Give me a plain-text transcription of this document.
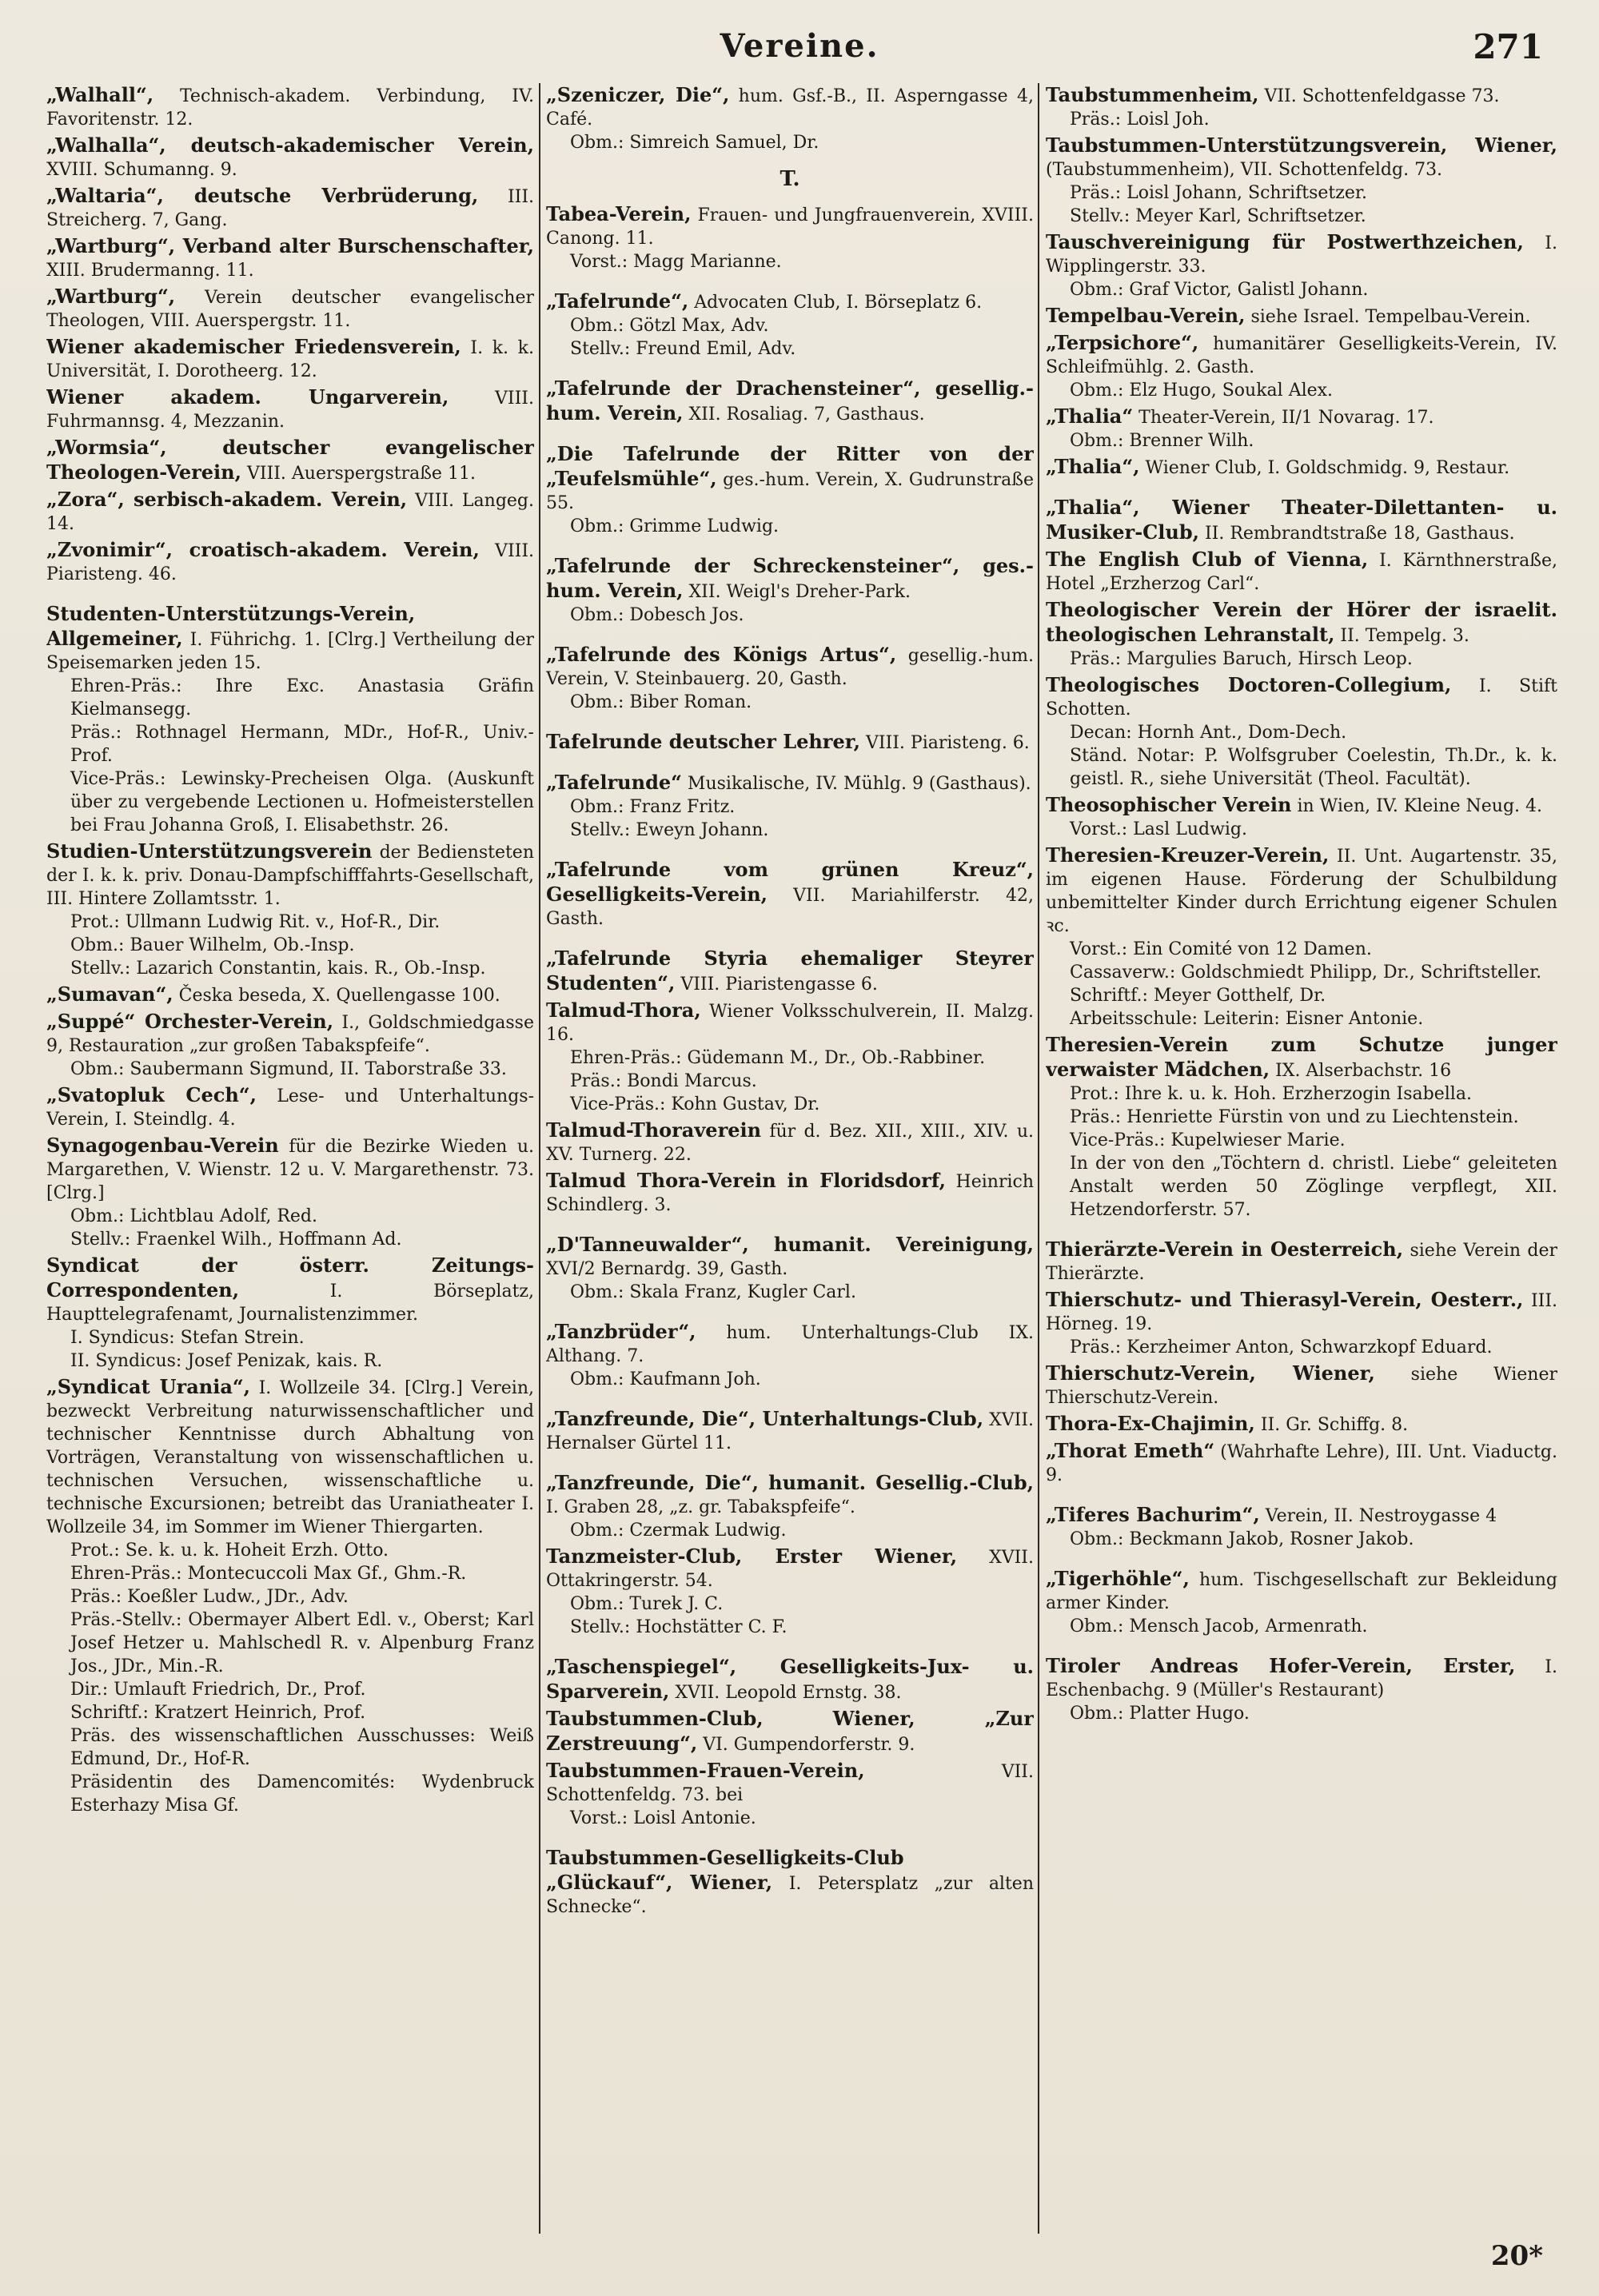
Vereine.	271
„Walhall“, Technisch-akadem. Verbindung, IV. Favoritenstr. 12.
„Walhalla“, deutsch-akademischer Verein, XVIII. Schumanng. 9.
„Waltaria“, deutsche Verbrüderung, III. Streicherg. 7, Gang.
„Wartburg“, Verband alter Burschenschafter, XIII. Brudermanng. 11.
„Wartburg“, Verein deutscher evangelischer Theologen, VIII. Auerspergstr. 11.
Wiener akademischer Friedensverein, I. k. k. Universität, I. Dorotheerg. 12.
Wiener akadem. Ungarverein, VIII. Fuhrmannsg. 4, Mezzanin.
„Wormsia“, deutscher evangelischer Theologen-Verein, VIII. Auerspergstraße 11.
„Zora“, serbisch-akadem. Verein, VIII. Langeg. 14.
„Zvonimir“, croatisch-akadem. Verein, VIII. Piaristeng. 46.
Studenten-Unterstützungs-Verein, Allgemeiner, I. Führichg. 1. [Clrg.] Vertheilung der Speisemarken jeden 15.
Ehren-Präs.: Ihre Exc. Anastasia Gräfin Kielmansegg.
Präs.: Rothnagel Hermann, MDr., Hof-R., Univ.-Prof.
Vice-Präs.: Lewinsky-Precheisen Olga. (Auskunft über zu vergebende Lectionen u. Hofmeisterstellen bei Frau Johanna Groß, I. Elisabethstr. 26.
Studien-Unterstützungsverein der Bediensteten der I. k. k. priv. Donau-Dampfschifffahrts-Gesellschaft, III. Hintere Zollamtsstr. 1.
Prot.: Ullmann Ludwig Rit. v., Hof-R., Dir.
Obm.: Bauer Wilhelm, Ob.-Insp.
Stellv.: Lazarich Constantin, kais. R., Ob.-Insp.
„Sumavan“, Česka beseda, X. Quellengasse 100.
„Suppé“ Orchester-Verein, I., Goldschmiedgasse 9, Restauration „zur großen Tabakspfeife“.
Obm.: Saubermann Sigmund, II. Taborstraße 33.
„Svatopluk Cech“, Lese- und Unterhaltungs-Verein, I. Steindlg. 4.
Synagogenbau-Verein für die Bezirke Wieden u. Margarethen, V. Wienstr. 12 u. V. Margarethenstr. 73. [Clrg.]
Obm.: Lichtblau Adolf, Red.
Stellv.: Fraenkel Wilh., Hoffmann Ad.
Syndicat der österr. Zeitungs-Correspondenten, I. Börseplatz, Haupttelegrafenamt, Journalistenzimmer.
I. Syndicus: Stefan Strein.
II. Syndicus: Josef Penizak, kais. R.
„Syndicat Urania“, I. Wollzeile 34. [Clrg.] Verein, bezweckt Verbreitung naturwissenschaftlicher und technischer Kenntnisse durch Abhaltung von Vorträgen, Veranstaltung von wissenschaftlichen u. technischen Versuchen, wissenschaftliche u. technische Excursionen; betreibt das Uraniatheater I. Wollzeile 34, im Sommer im Wiener Thiergarten.
Prot.: Se. k. u. k. Hoheit Erzh. Otto.
Ehren-Präs.: Montecuccoli Max Gf., Ghm.-R.
Präs.: Koeßler Ludw., JDr., Adv.
Präs.-Stellv.: Obermayer Albert Edl. v., Oberst; Karl Josef Hetzer u. Mahlschedl R. v. Alpenburg Franz Jos., JDr., Min.-R.
Dir.: Umlauft Friedrich, Dr., Prof.
Schriftf.: Kratzert Heinrich, Prof.
Präs. des wissenschaftlichen Ausschusses: Weiß Edmund, Dr., Hof-R.
Präsidentin des Damencomités: Wydenbruck Esterhazy Misa Gf.
„Szeniczer, Die“, hum. Gsf.-B., II. Asperngasse 4, Café.
Obm.: Simreich Samuel, Dr.
T.
Tabea-Verein, Frauen- und Jungfrauenverein, XVIII. Canong. 11.
Vorst.: Magg Marianne.
„Tafelrunde“, Advocaten Club, I. Börseplatz 6.
Obm.: Götzl Max, Adv.
Stellv.: Freund Emil, Adv.
„Tafelrunde der Drachensteiner“, gesellig.-hum. Verein, XII. Rosaliag. 7, Gasthaus.
„Die Tafelrunde der Ritter von der „Teufelsmühle“, ges.-hum. Verein, X. Gudrunstraße 55.
Obm.: Grimme Ludwig.
„Tafelrunde der Schreckensteiner“, ges.-hum. Verein, XII. Weigl's Dreher-Park.
Obm.: Dobesch Jos.
„Tafelrunde des Königs Artus“, gesellig.-hum. Verein, V. Steinbauerg. 20, Gasth.
Obm.: Biber Roman.
Tafelrunde deutscher Lehrer, VIII. Piaristeng. 6.
„Tafelrunde“ Musikalische, IV. Mühlg. 9 (Gasthaus).
Obm.: Franz Fritz.
Stellv.: Eweyn Johann.
„Tafelrunde vom grünen Kreuz“, Geselligkeits-Verein, VII. Mariahilferstr. 42, Gasth.
„Tafelrunde Styria ehemaliger Steyrer Studenten“, VIII. Piaristengasse 6.
Talmud-Thora, Wiener Volksschulverein, II. Malzg. 16.
Ehren-Präs.: Güdemann M., Dr., Ob.-Rabbiner.
Präs.: Bondi Marcus.
Vice-Präs.: Kohn Gustav, Dr.
Talmud-Thoraverein für d. Bez. XII., XIII., XIV. u. XV. Turnerg. 22.
Talmud Thora-Verein in Floridsdorf, Heinrich Schindlerg. 3.
„D'Tanneuwalder“, humanit. Vereinigung, XVI/2 Bernardg. 39, Gasth.
Obm.: Skala Franz, Kugler Carl.
„Tanzbrüder“, hum. Unterhaltungs-Club IX. Althang. 7.
Obm.: Kaufmann Joh.
„Tanzfreunde, Die“, Unterhaltungs-Club, XVII. Hernalser Gürtel 11.
„Tanzfreunde, Die“, humanit. Gesellig.-Club, I. Graben 28, „z. gr. Tabakspfeife“.
Obm.: Czermak Ludwig.
Tanzmeister-Club, Erster Wiener, XVII. Ottakringerstr. 54.
Obm.: Turek J. C.
Stellv.: Hochstätter C. F.
„Taschenspiegel“, Geselligkeits-Jux- u. Sparverein, XVII. Leopold Ernstg. 38.
Taubstummen-Club, Wiener, „Zur Zerstreuung“, VI. Gumpendorferstr. 9.
Taubstummen-Frauen-Verein, VII. Schottenfeldg. 73. bei
Vorst.: Loisl Antonie.
Taubstummen-Geselligkeits-Club „Glückauf“, Wiener, I. Petersplatz „zur alten Schnecke“.
Taubstummenheim, VII. Schottenfeldgasse 73.
Präs.: Loisl Joh.
Taubstummen-Unterstützungsverein, Wiener, (Taubstummenheim), VII. Schottenfeldg. 73.
Präs.: Loisl Johann, Schriftsetzer.
Stellv.: Meyer Karl, Schriftsetzer.
Tauschvereinigung für Postwerthzeichen, I. Wipplingerstr. 33.
Obm.: Graf Victor, Galistl Johann.
Tempelbau-Verein, siehe Israel. Tempelbau-Verein.
„Terpsichore“, humanitärer Geselligkeits-Verein, IV. Schleifmühlg. 2. Gasth.
Obm.: Elz Hugo, Soukal Alex.
„Thalia“ Theater-Verein, II/1 Novarag. 17.
Obm.: Brenner Wilh.
„Thalia“, Wiener Club, I. Goldschmidg. 9, Restaur.
„Thalia“, Wiener Theater-Dilettanten- u. Musiker-Club, II. Rembrandtstraße 18, Gasthaus.
The English Club of Vienna, I. Kärnthnerstraße, Hotel „Erzherzog Carl“.
Theologischer Verein der Hörer der israelit. theologischen Lehranstalt, II. Tempelg. 3.
Präs.: Margulies Baruch, Hirsch Leop.
Theologisches Doctoren-Collegium, I. Stift Schotten.
Decan: Hornh Ant., Dom-Dech.
Ständ. Notar: P. Wolfsgruber Coelestin, Th.Dr., k. k. geistl. R., siehe Universität (Theol. Facultät).
Theosophischer Verein in Wien, IV. Kleine Neug. 4.
Vorst.: Lasl Ludwig.
Theresien-Kreuzer-Verein, II. Unt. Augartenstr. 35, im eigenen Hause. Förderung der Schulbildung unbemittelter Kinder durch Errichtung eigener Schulen ꝛc.
Vorst.: Ein Comité von 12 Damen.
Cassaverw.: Goldschmiedt Philipp, Dr., Schriftsteller.
Schriftf.: Meyer Gotthelf, Dr.
Arbeitsschule: Leiterin: Eisner Antonie.
Theresien-Verein zum Schutze junger verwaister Mädchen, IX. Alserbachstr. 16
Prot.: Ihre k. u. k. Hoh. Erzherzogin Isabella.
Präs.: Henriette Fürstin von und zu Liechtenstein.
Vice-Präs.: Kupelwieser Marie.
In der von den „Töchtern d. christl. Liebe“ geleiteten Anstalt werden 50 Zöglinge verpflegt, XII. Hetzendorferstr. 57.
Thierärzte-Verein in Oesterreich, siehe Verein der Thierärzte.
Thierschutz- und Thierasyl-Verein, Oesterr., III. Hörneg. 19.
Präs.: Kerzheimer Anton, Schwarzkopf Eduard.
Thierschutz-Verein, Wiener, siehe Wiener Thierschutz-Verein.
Thora-Ex-Chajimin, II. Gr. Schiffg. 8.
„Thorat Emeth“ (Wahrhafte Lehre), III. Unt. Viaductg. 9.
„Tiferes Bachurim“, Verein, II. Nestroygasse 4
Obm.: Beckmann Jakob, Rosner Jakob.
„Tigerhöhle“, hum. Tischgesellschaft zur Bekleidung armer Kinder.
Obm.: Mensch Jacob, Armenrath.
Tiroler Andreas Hofer-Verein, Erster, I. Eschenbachg. 9 (Müller's Restaurant)
Obm.: Platter Hugo.
20*
